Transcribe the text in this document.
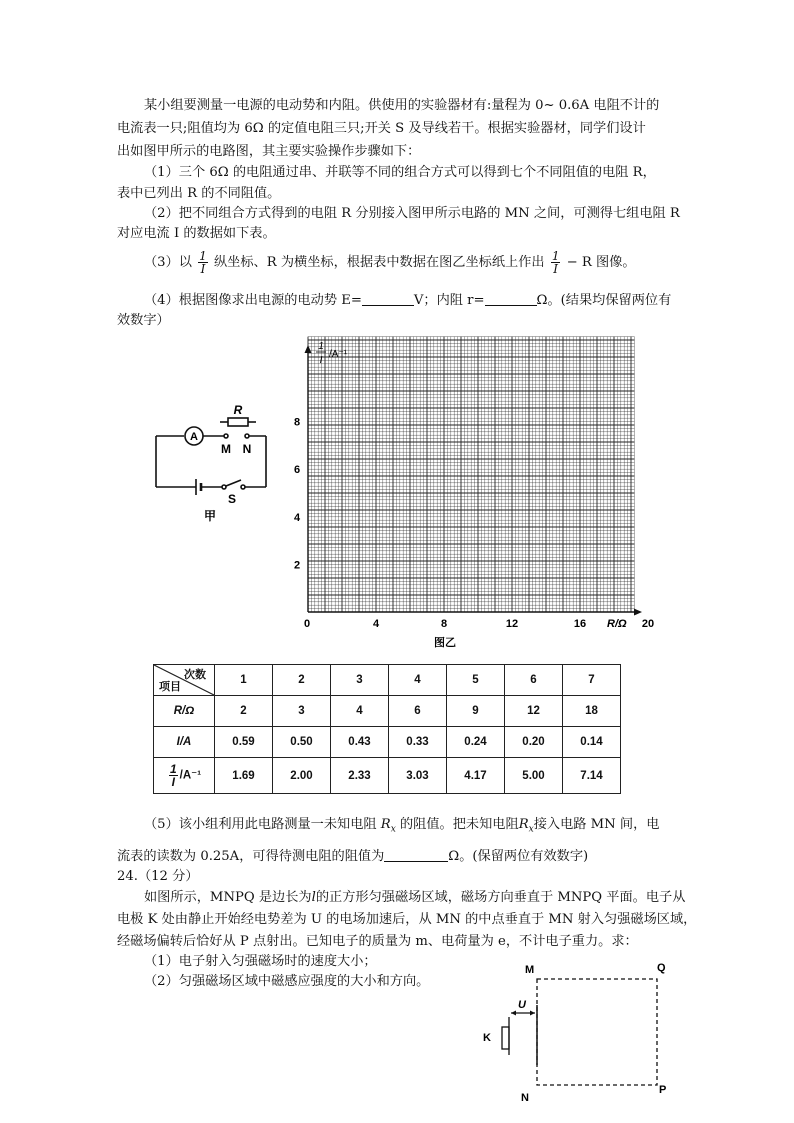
某小组要测量一电源的电动势和内阻。供使用的实验器材有:量程为 0~ 0.6A 电阻不计的
电流表一只;阻值均为 6Ω 的定值电阻三只;开关 S 及导线若干。根据实验器材，同学们设计
出如图甲所示的电路图，其主要实验操作步骤如下：
（1）三个 6Ω 的电阻通过串、并联等不同的组合方式可以得到七个不同阻值的电阻 R，
表中已列出 R 的不同阻值。
（2）把不同组合方式得到的电阻 R 分别接入图甲所示电路的 MN 之间，可测得七组电阻 R
对应电流 I 的数据如下表。
（3）以 $\frac{1}{I}$ 纵坐标、R 为横坐标，根据表中数据在图乙坐标纸上作出 $\frac{1}{I} - R$ 图像。
（4）根据图像求出电源的电动势 E=	V；内阻 r=	Ω。(结果均保留两位有
效数字）
A
R
M N
S
甲
1
I
/A⁻¹
R/Ω
0	4	8	12	16	20
2
4
6
8
图乙
次数
项目	1	2	3	4	5	6	7
R/Ω	2	3	4	6	9	12	18
I/A	0.59	0.50	0.43	0.33	0.24	0.20	0.14

$\frac{1}{I} /A^{-1}$	1.69	2.00	2.33	3.03	4.17	5.00	7.14
（5）该小组利用此电路测量一未知电阻 $R_x$ 的阻值。把未知电阻$R_x$接入电路 MN 间，电
流表的读数为 0.25A，可得待测电阻的阻值为	Ω。(保留两位有效数字)
24.（12 分）
如图所示，MNPQ 是边长为l的正方形匀强磁场区域，磁场方向垂直于 MNPQ 平面。电子从
电极 K 处由静止开始经电势差为 U 的电场加速后，从 MN 的中点垂直于 MN 射入匀强磁场区域，
经磁场偏转后恰好从 P 点射出。已知电子的质量为 m、电荷量为 e，不计电子重力。求：
（1）电子射入匀强磁场时的速度大小；
（2）匀强磁场区域中磁感应强度的大小和方向。
M	Q
N
P
K
U
